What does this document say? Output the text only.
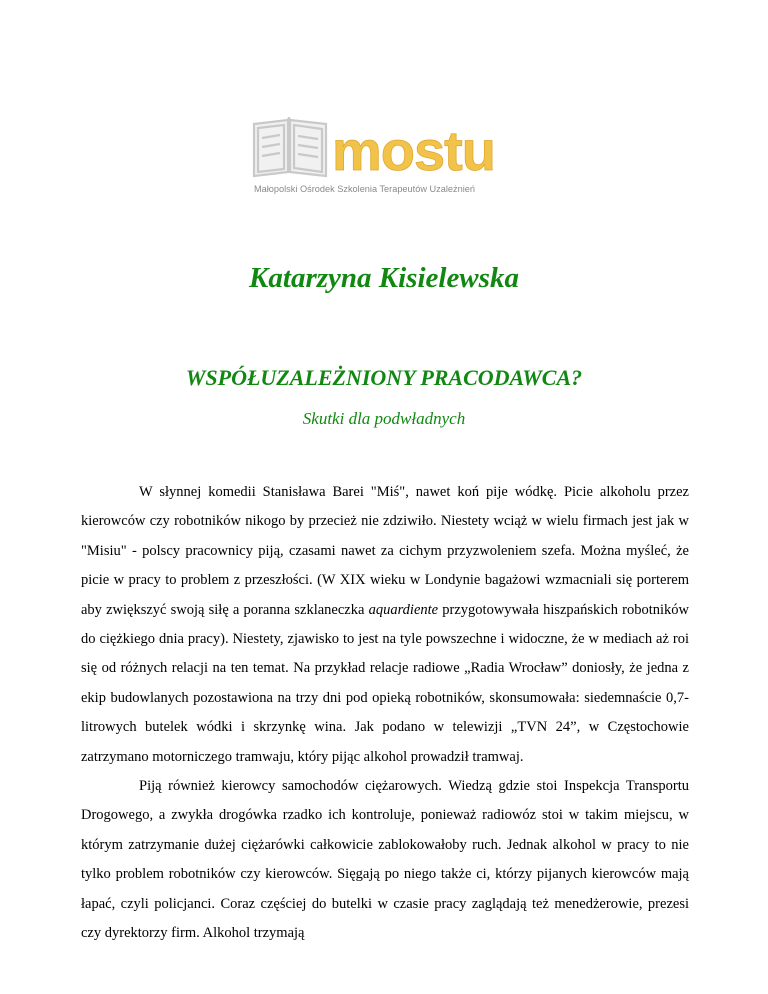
mostu
Małopolski Ośrodek Szkolenia Terapeutów Uzależnień
Katarzyna Kisielewska
WSPÓŁUZALEŻNIONY PRACODAWCA?
Skutki dla podwładnych

W słynnej komedii Stanisława Barei "Miś", nawet koń pije wódkę. Picie alkoholu przez kierowców czy robotników nikogo by przecież nie zdziwiło. Niestety wciąż w wielu firmach jest jak w "Misiu" - polscy pracownicy piją, czasami nawet za cichym przyzwoleniem szefa. Można myśleć, że picie w pracy to problem z przeszłości. (W XIX wieku w Londynie bagażowi wzmacniali się porterem aby zwiększyć swoją siłę a poranna szklaneczka aquardiente przygotowywała hiszpańskich robotników do ciężkiego dnia pracy). Niestety, zjawisko to jest na tyle powszechne i widoczne, że w mediach aż roi się od różnych relacji na ten temat. Na przykład relacje radiowe „Radia Wrocław” doniosły, że jedna z ekip budowlanych pozostawiona na trzy dni pod opieką robotników, skonsumowała: siedemnaście 0,7-litrowych butelek wódki i skrzynkę wina. Jak podano w telewizji „TVN 24”, w Częstochowie zatrzymano motorniczego tramwaju, który pijąc alkohol prowadził tramwaj.

Piją również kierowcy samochodów ciężarowych. Wiedzą gdzie stoi Inspekcja Transportu Drogowego, a zwykła drogówka rzadko ich kontroluje, ponieważ radiowóz stoi w takim miejscu, w którym zatrzymanie dużej ciężarówki całkowicie zablokowałoby ruch. Jednak alkohol w pracy to nie tylko problem robotników czy kierowców. Sięgają po niego także ci, którzy pijanych kierowców mają łapać, czyli policjanci. Coraz częściej do butelki w czasie pracy zaglądają też menedżerowie, prezesi czy dyrektorzy firm. Alkohol trzymają
